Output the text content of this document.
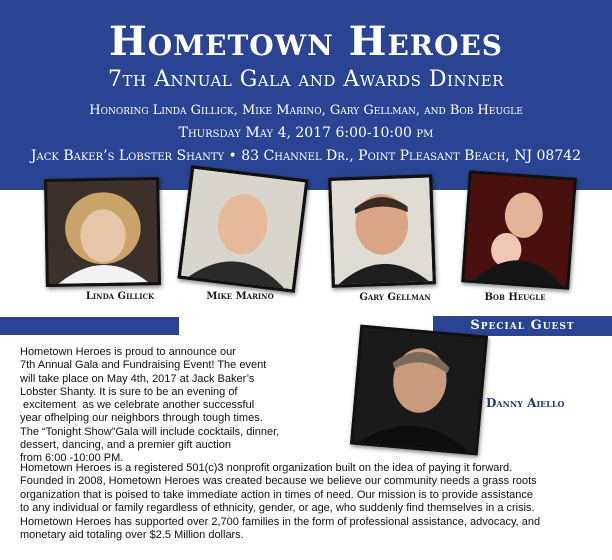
Hometown Heroes
7th Annual Gala and Awards Dinner
Honoring Linda Gillick, Mike Marino, Gary Gellman, and Bob Heugle
Thursday May 4, 2017 6:00-10:00 pm
Jack Baker’s Lobster Shanty • 83 Channel Dr., Point Pleasant Beach, NJ 08742
Linda Gillick	Mike Marino	Gary Gellman	Bob Heugle
Special Guest
Danny Aiello

Hometown Heroes is proud to announce our

7th Annual Gala and Fundraising Event! The event

will take place on May 4th, 2017 at Jack Baker’s

Lobster Shanty. It is sure to be an evening of

excitement  as we celebrate another successful

year ofhelping our neighbors through tough times.

The “Tonight Show”Gala will include cocktails, dinner,

dessert, dancing, and a premier gift auction

from 6:00 -10:00 PM.

Hometown Heroes is a registered 501(c)3 nonprofit organization built on the idea of paying it forward.
Founded in 2008, Hometown Heroes was created because we believe our community needs a grass roots
organization that is poised to take immediate action in times of need. Our mission is to provide assistance
to any individual or family regardless of ethnicity, gender, or age, who suddenly find themselves in a crisis.
Hometown Heroes has supported over 2,700 families in the form of professional assistance, advocacy, and
monetary aid totaling over $2.5 Million dollars.
